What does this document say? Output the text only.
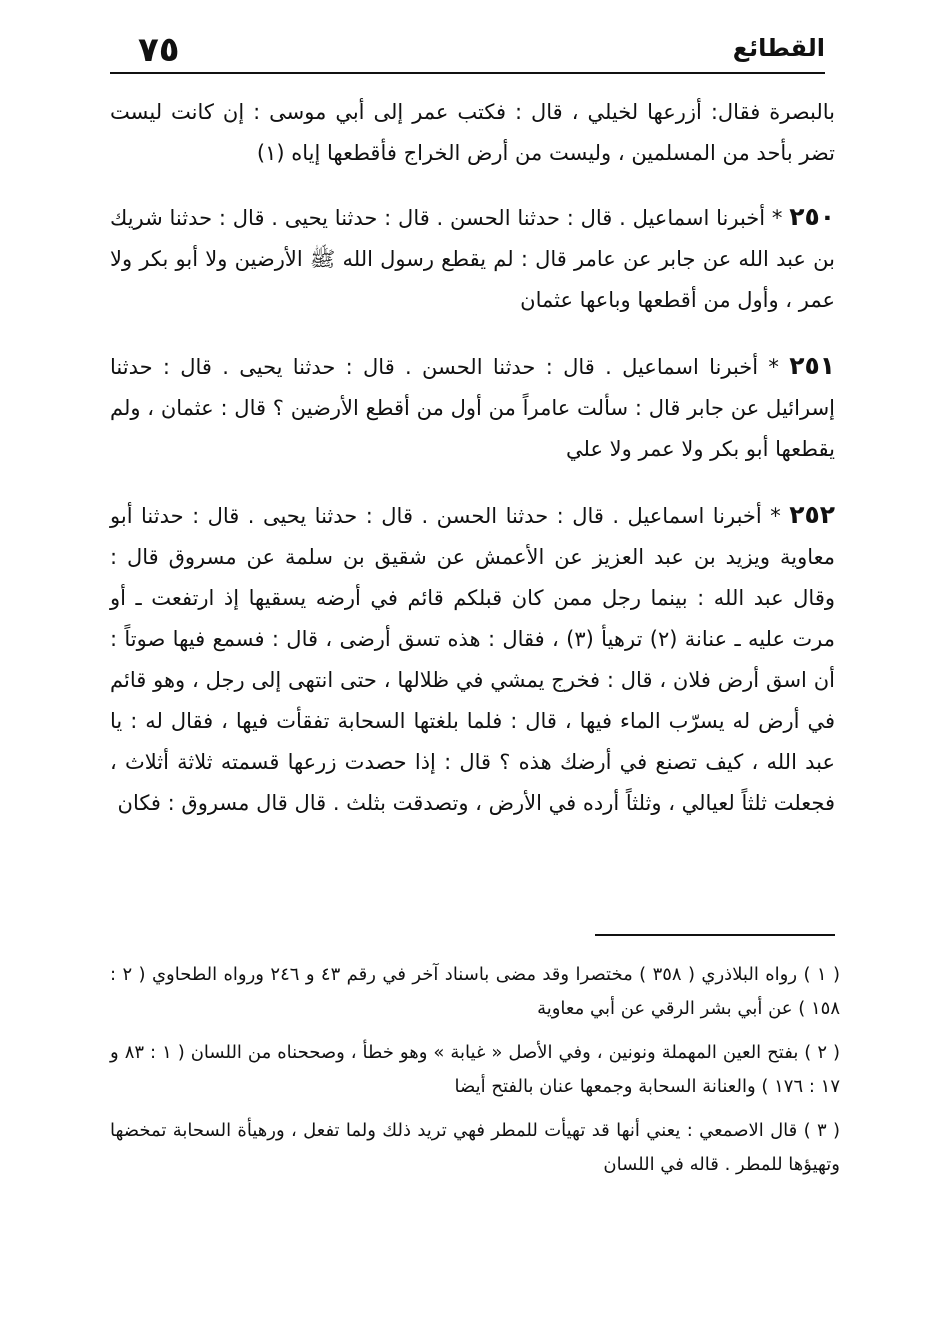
٧٥	القطائع

بالبصرة فقال: أزرعها لخيلي ، قال : فكتب عمر إلى أبي موسى : إن كانت ليست تضر بأحد من المسلمين ، وليست من أرض الخراج فأقطعها إياه (١)

٢٥٠ * أخبرنا اسماعيل . قال : حدثنا الحسن . قال : حدثنا يحيى . قال : حدثنا شريك بن عبد الله عن جابر عن عامر قال : لم يقطع رسول الله ﷺ الأرضين ولا أبو بكر ولا عمر ، وأول من أقطعها وباعها عثمان

٢٥١ * أخبرنا اسماعيل . قال : حدثنا الحسن . قال : حدثنا يحيى . قال : حدثنا إسرائيل عن جابر قال : سألت عامراً من أول من أقطع الأرضين ؟ قال : عثمان ، ولم يقطعها أبو بكر ولا عمر ولا علي

٢٥٢ * أخبرنا اسماعيل . قال : حدثنا الحسن . قال : حدثنا يحيى . قال : حدثنا أبو معاوية ويزيد بن عبد العزيز عن الأعمش عن شقيق بن سلمة عن مسروق قال : وقال عبد الله : بينما رجل ممن كان قبلكم قائم في أرضه يسقيها إذ ارتفعت ـ أو مرت عليه ـ عنانة (٢) ترهيأ (٣) ، فقال : هذه تسق أرضى ، قال : فسمع فيها صوتاً : أن اسق أرض فلان ، قال : فخرج يمشي في ظلالها ، حتى انتهى إلى رجل ، وهو قائم في أرض له يسرّب الماء فيها ، قال : فلما بلغتها السحابة تفقأت فيها ، فقال له : يا عبد الله ، كيف تصنع في أرضك هذه ؟ قال : إذا حصدت زرعها قسمته ثلاثة أثلاث ، فجعلت ثلثاً لعيالي ، وثلثاً أرده في الأرض ، وتصدقت بثلث . قال قال مسروق : فكان

( ١ ) رواه البلاذري ( ٣٥٨ ) مختصرا وقد مضى باسناد آخر في رقم ٤٣ و ٢٤٦ ورواه الطحاوي ( ٢ : ١٥٨ ) عن أبي بشر الرقي عن أبي معاوية

( ٢ ) بفتح العين المهملة ونونين ، وفي الأصل « غيابة » وهو خطأ ، وصححناه من اللسان ( ١ : ٨٣ و ١٧ : ١٧٦ ) والعنانة السحابة وجمعها عنان بالفتح أيضا

( ٣ ) قال الاصمعي : يعني أنها قد تهيأت للمطر فهي تريد ذلك ولما تفعل ، ورهيأة السحابة تمخضها وتهيؤها للمطر . قاله في اللسان
